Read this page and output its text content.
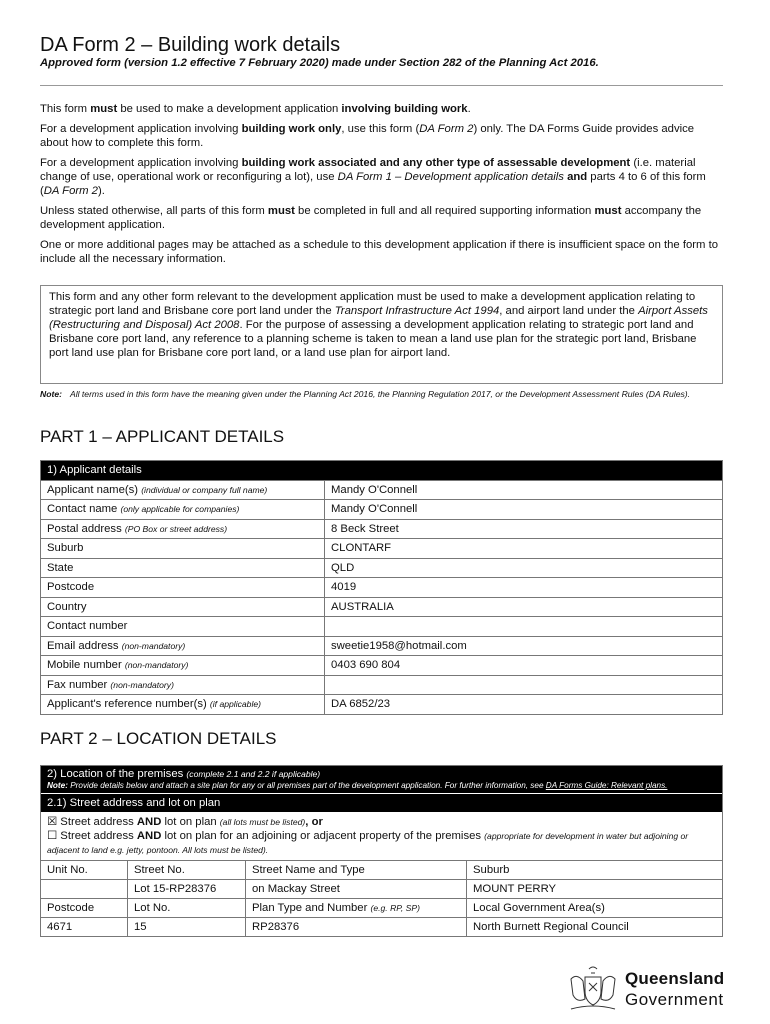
DA Form 2 – Building work details
Approved form (version 1.2 effective 7 February 2020) made under Section 282 of the Planning Act 2016.

This form must be used to make a development application involving building work.

For a development application involving building work only, use this form (DA Form 2) only. The DA Forms Guide provides advice about how to complete this form.

For a development application involving building work associated and any other type of assessable development (i.e. material change of use, operational work or reconfiguring a lot), use DA Form 1 – Development application details and parts 4 to 6 of this form (DA Form 2).

Unless stated otherwise, all parts of this form must be completed in full and all required supporting information must accompany the development application.

One or more additional pages may be attached as a schedule to this development application if there is insufficient space on the form to include all the necessary information.

This form and any other form relevant to the development application must be used to make a development application relating to strategic port land and Brisbane core port land under the Transport Infrastructure Act 1994, and airport land under the Airport Assets (Restructuring and Disposal) Act 2008. For the purpose of assessing a development application relating to strategic port land and Brisbane core port land, any reference to a planning scheme is taken to mean a land use plan for the strategic port land, Brisbane port land use plan for Brisbane core port land, or a land use plan for airport land.
Note: All terms used in this form have the meaning given under the Planning Act 2016, the Planning Regulation 2017, or the Development Assessment Rules (DA Rules).
PART 1 – APPLICANT DETAILS
1) Applicant details	
Applicant name(s) (individual or company full name)	Mandy O'Connell
Contact name (only applicable for companies)	Mandy O'Connell
Postal address (PO Box or street address)	8 Beck Street
Suburb	CLONTARF
State	QLD
Postcode	4019
Country	AUSTRALIA
Contact number	
Email address (non-mandatory)	sweetie1958@hotmail.com
Mobile number (non-mandatory)	0403 690 804
Fax number (non-mandatory)	
Applicant's reference number(s) (if applicable)	DA 6852/23
PART 2 – LOCATION DETAILS
2) Location of the premises (complete 2.1 and 2.2 if applicable)
Note: Provide details below and attach a site plan for any or all premises part of the development application. For further information, see DA Forms Guide: Relevant plans.
2.1) Street address and lot on plan
☒ Street address AND lot on plan (all lots must be listed), or
☐ Street address AND lot on plan for an adjoining or adjacent property of the premises (appropriate for development in water but adjoining or adjacent to land e.g. jetty, pontoon. All lots must be listed).
Unit No.	Street No.	Street Name and Type	Suburb
	Lot 15-RP28376	on Mackay Street	MOUNT PERRY
Postcode	Lot No.	Plan Type and Number (e.g. RP, SP)	Local Government Area(s)
4671	15	RP28376	North Burnett Regional Council
Queensland
Government
